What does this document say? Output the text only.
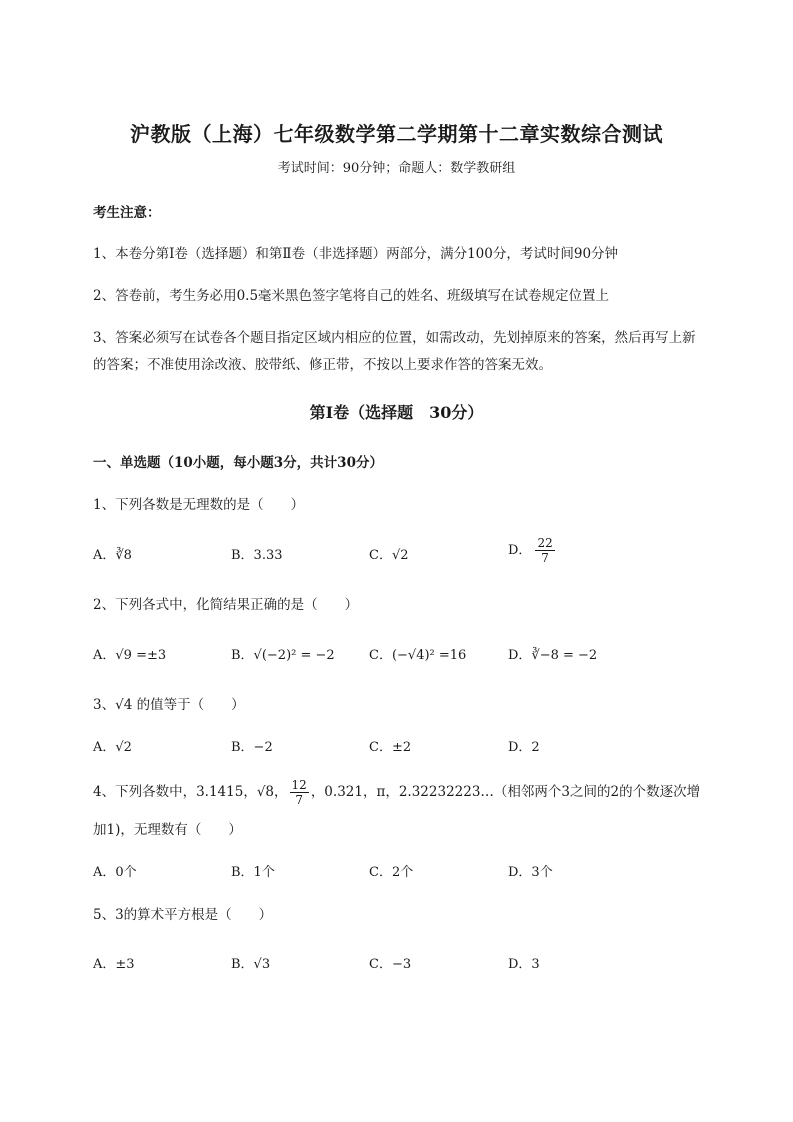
沪教版（上海）七年级数学第二学期第十二章实数综合测试
考试时间：90分钟；命题人：数学教研组
考生注意：
1、本卷分第Ⅰ卷（选择题）和第Ⅱ卷（非选择题）两部分，满分100分，考试时间90分钟
2、答卷前，考生务必用0.5毫米黑色签字笔将自己的姓名、班级填写在试卷规定位置上
3、答案必须写在试卷各个题目指定区域内相应的位置，如需改动，先划掉原来的答案，然后再写上新
的答案；不准使用涂改液、胶带纸、修正带，不按以上要求作答的答案无效。
第Ⅰ卷（选择题　30分）
一、单选题（10小题，每小题3分，共计30分）
1、下列各数是无理数的是（　　）
A．∛8	B．3.33	C．√2	D． $\frac{22}{7}$
2、下列各式中，化简结果正确的是（　　）
A．√9 =±3	B．√(−2)² = −2	C．(−√4)² =16	D．∛−8 = −2
3、√4 的值等于（　　）
A．√2	B．−2	C．±2	D．2
4、下列各数中，3.1415，√8， $\frac{12}{7}$ ，0.321，π，2.32232223…（相邻两个3之间的2的个数逐次增
加1)，无理数有（　　）
A．0个	B．1个	C．2个	D．3个
5、3的算术平方根是（　　）
A．±3	B．√3	C．−3	D．3
